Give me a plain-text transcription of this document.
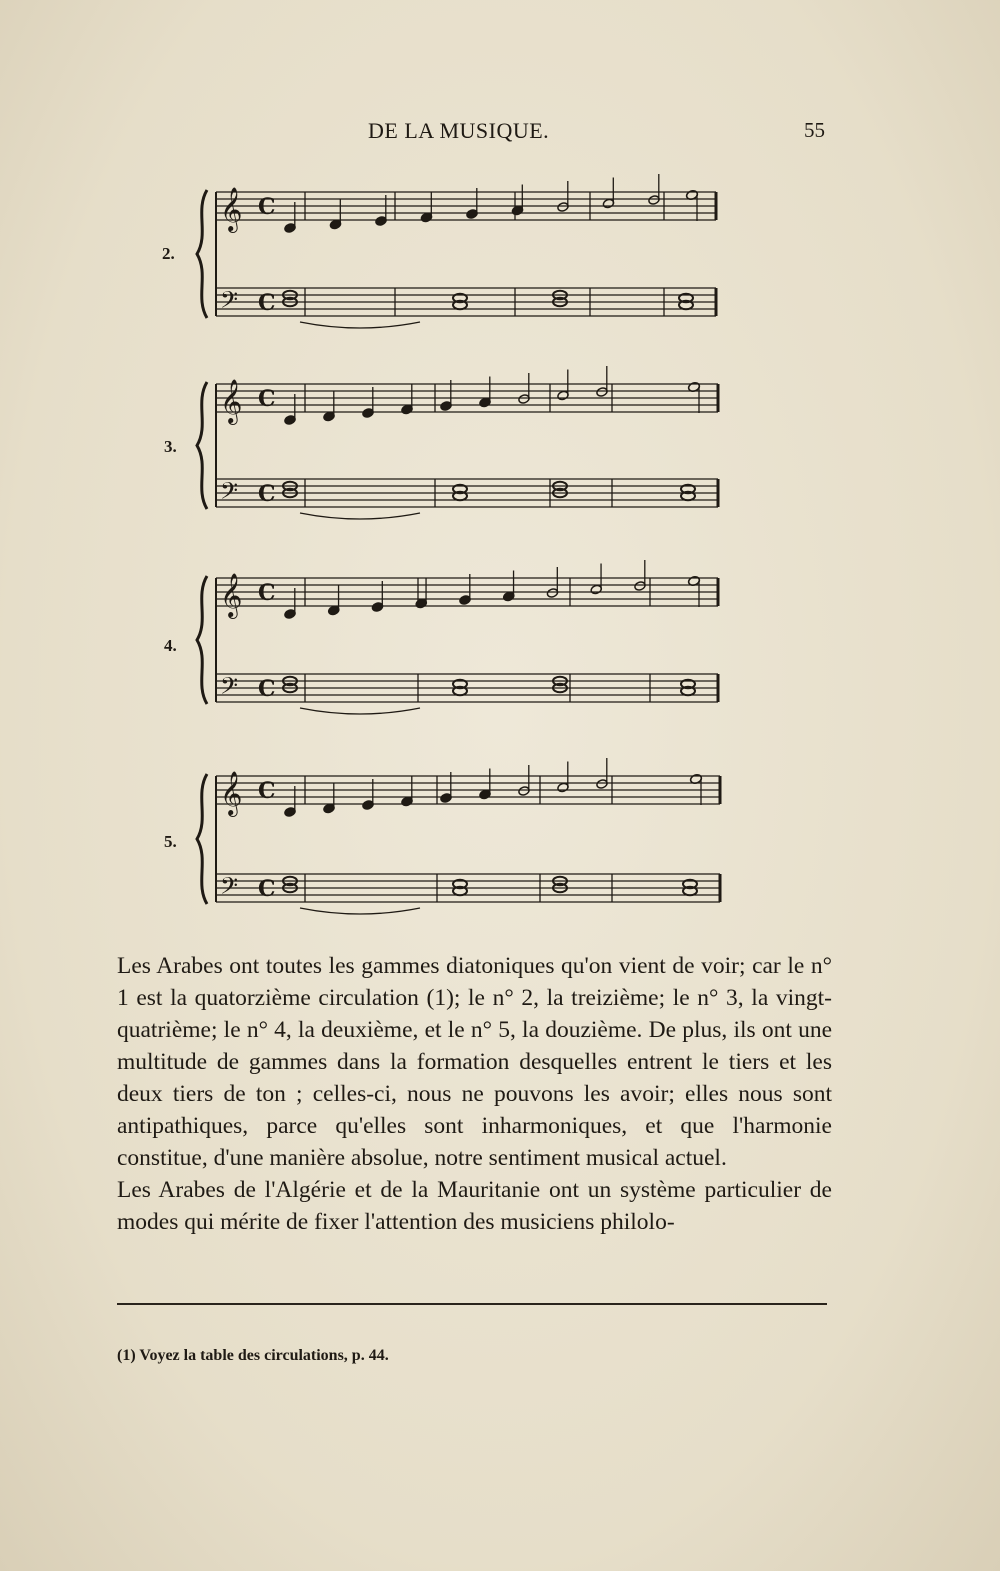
DE LA MUSIQUE.	55
2.
3.
4.
5.
𝄞 C
𝄢 C
𝄞 C
𝄢 C
𝄞 C
𝄢 C
𝄞 C
𝄢 C

Les Arabes ont toutes les gammes diatoniques qu'on vient de voir; car le n° 1 est la quatorzième circulation (1); le n° 2, la treizième; le n° 3, la vingt-quatrième; le n° 4, la deuxième, et le n° 5, la douzième. De plus, ils ont une multitude de gammes dans la formation desquelles entrent le tiers et les deux tiers de ton ; celles-ci, nous ne pouvons les avoir; elles nous sont antipathiques, parce qu'elles sont inharmoniques, et que l'harmonie constitue, d'une manière absolue, notre sentiment musical actuel.

Les Arabes de l'Algérie et de la Mauritanie ont un système particulier de modes qui mérite de fixer l'attention des musiciens philolo-

(1) Voyez la table des circulations, p. 44.
